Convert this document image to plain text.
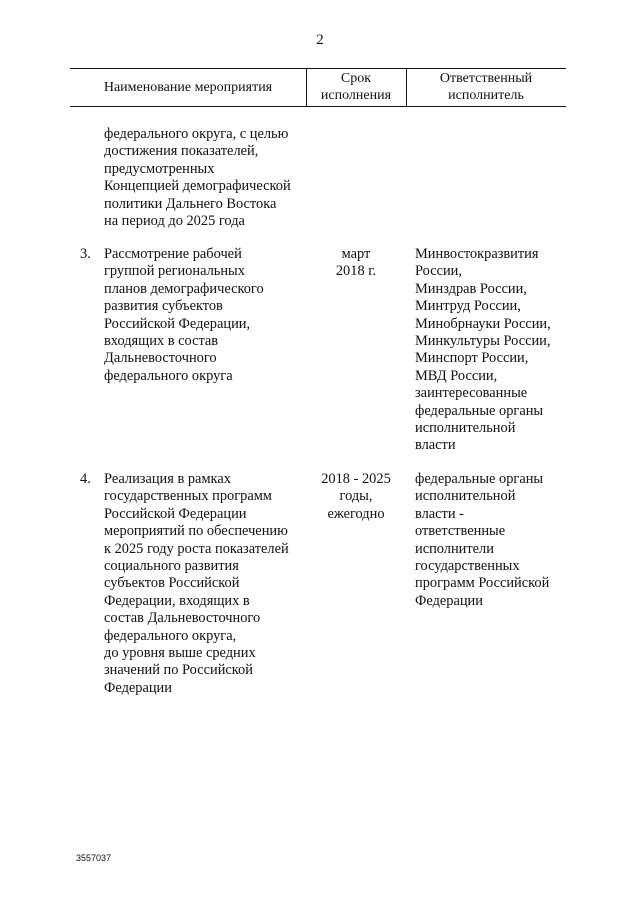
2
Наименование мероприятия
Срок
исполнения
Ответственный
исполнитель
федерального округа, с целью
достижения показателей,
предусмотренных
Концепцией демографической
политики Дальнего Востока
на период до 2025 года
3. Рассмотрение рабочей
группой региональных
планов демографического
развития субъектов
Российской Федерации,
входящих в состав
Дальневосточного
федерального округа
март
2018 г.
Минвостокразвития
России,
Минздрав России,
Минтруд России,
Минобрнауки России,
Минкультуры России,
Минспорт России,
МВД России,
заинтересованные
федеральные органы
исполнительной
власти
4. Реализация в рамках
государственных программ
Российской Федерации
мероприятий по обеспечению
к 2025 году роста показателей
социального развития
субъектов Российской
Федерации, входящих в
состав Дальневосточного
федерального округа,
до уровня выше средних
значений по Российской
Федерации
2018 - 2025
годы,
ежегодно
федеральные органы
исполнительной
власти -
ответственные
исполнители
государственных
программ Российской
Федерации
3557037
